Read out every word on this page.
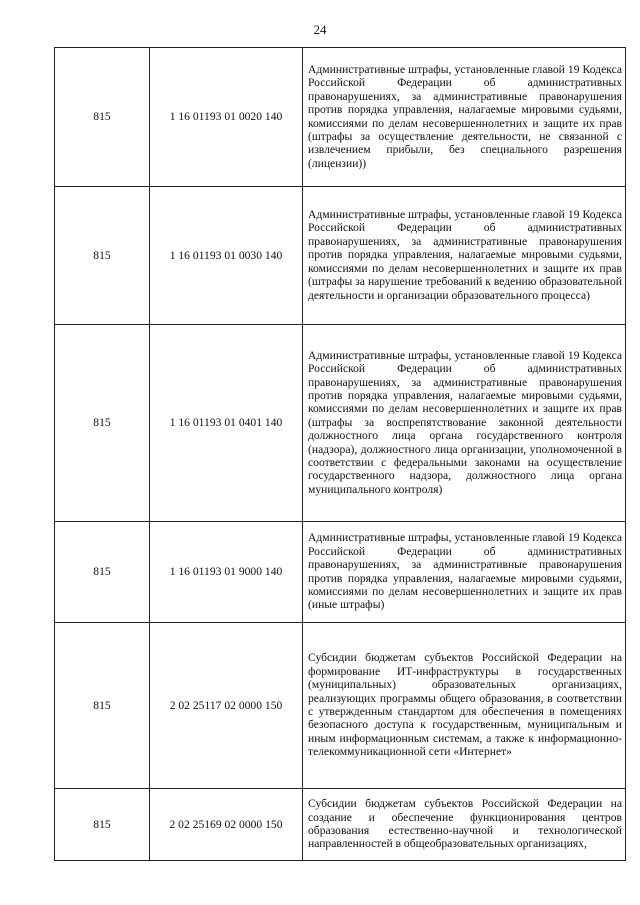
24
815	1 16 01193 01 0020 140	Административные штрафы, установленные главой 19 Кодекса Российской Федерации об административных правонарушениях, за административные правонарушения против порядка управления, налагаемые мировыми судьями, комиссиями по делам несовершеннолетних и защите их прав (штрафы за осуществление деятельности, не связанной с извлечением прибыли, без специального разрешения (лицензии))
815	1 16 01193 01 0030 140	Административные штрафы, установленные главой 19 Кодекса Российской Федерации об административных правонарушениях, за административные правонарушения против порядка управления, налагаемые мировыми судьями, комиссиями по делам несовершеннолетних и защите их прав (штрафы за нарушение требований к ведению образовательной деятельности и организации образовательного процесса)
815	1 16 01193 01 0401 140	Административные штрафы, установленные главой 19 Кодекса Российской Федерации об административных правонарушениях, за административные правонарушения против порядка управления, налагаемые мировыми судьями, комиссиями по делам несовершеннолетних и защите их прав (штрафы за воспрепятствование законной деятельности должностного лица органа государственного контроля (надзора), должностного лица организации, уполномоченной в соответствии с федеральными законами на осуществление государственного надзора, должностного лица органа муниципального контроля)
815	1 16 01193 01 9000 140	Административные штрафы, установленные главой 19 Кодекса Российской Федерации об административных правонарушениях, за административные правонарушения против порядка управления, налагаемые мировыми судьями, комиссиями по делам несовершеннолетних и защите их прав (иные штрафы)
815	2 02 25117 02 0000 150	Субсидии бюджетам субъектов Российской Федерации на формирование ИТ-инфраструктуры в государственных (муниципальных) образовательных организациях, реализующих программы общего образования, в соответствии с утвержденным стандартом для обеспечения в помещениях безопасного доступа к государственным, муниципальным и иным информационным системам, а также к информационно-телекоммуникационной сети «Интернет»
815	2 02 25169 02 0000 150	Субсидии бюджетам субъектов Российской Федерации на создание и обеспечение функционирования центров образования естественно-научной и технологической направленностей в общеобразовательных организациях,
